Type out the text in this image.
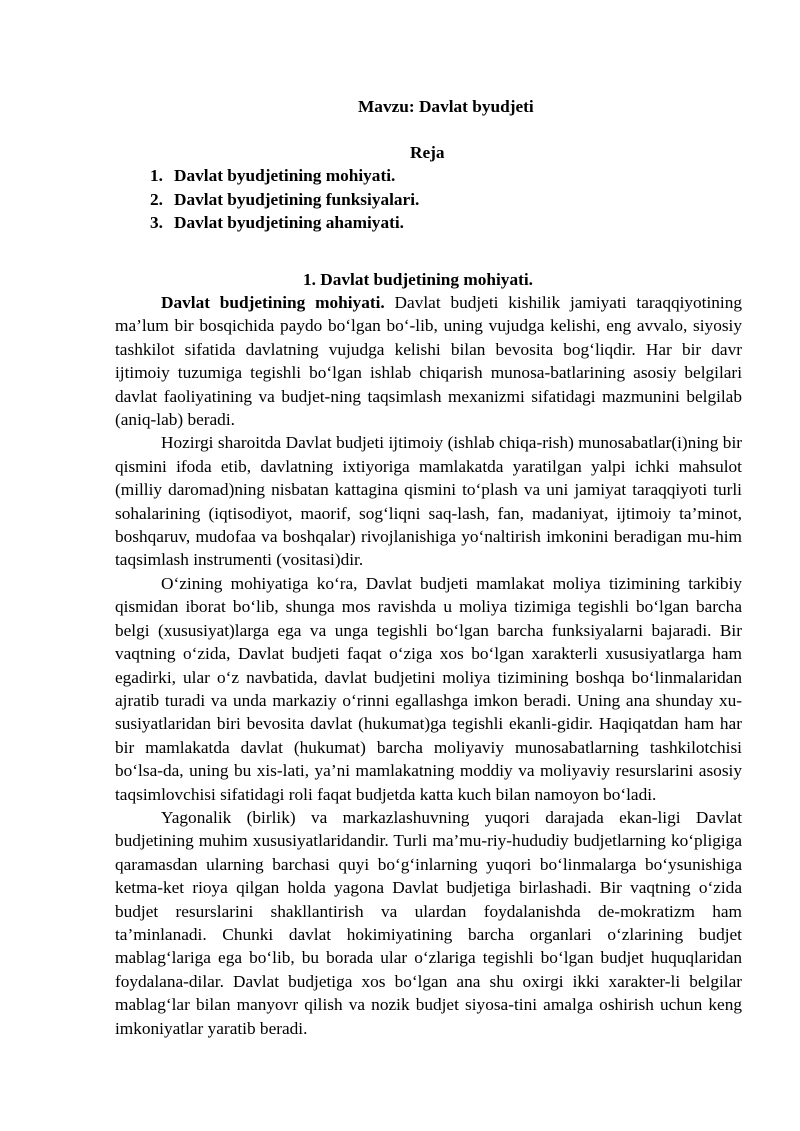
Mavzu: Davlat byudjeti
Reja
1. Davlat byudjetining mohiyati.
2. Davlat byudjetining funksiyalari.
3. Davlat byudjetining ahamiyati.
1. Davlat budjetining mohiyati.

Davlat budjetining mohiyati. Davlat budjeti kishilik jamiyati taraqqiyotining ma’lum bir bosqichida paydo bo‘lgan bo‘-lib, uning vujudga kelishi, eng avvalo, siyosiy tashkilot sifatida davlatning vujudga kelishi bilan bevosita bog‘liqdir. Har bir davr ijtimoiy tuzumiga tegishli bo‘lgan ishlab chiqarish munosa-batlarining asosiy belgilari davlat faoliyatining va budjet-ning taqsimlash mexanizmi sifatidagi mazmunini belgilab (aniq-lab) beradi.

Hozirgi sharoitda Davlat budjeti ijtimoiy (ishlab chiqa-rish) munosabatlar(i)ning bir qismini ifoda etib, davlatning ixtiyoriga mamlakatda yaratilgan yalpi ichki mahsulot (milliy daromad)ning nisbatan kattagina qismini to‘plash va uni jamiyat taraqqiyoti turli sohalarining (iqtisodiyot, maorif, sog‘liqni saq-lash, fan, madaniyat, ijtimoiy ta’minot, boshqaruv, mudofaa va boshqalar) rivojlanishiga yo‘naltirish imkonini beradigan mu-him taqsimlash instrumenti (vositasi)dir.

O‘zining mohiyatiga ko‘ra, Davlat budjeti mamlakat moliya tizimining tarkibiy qismidan iborat bo‘lib, shunga mos ravishda u moliya tizimiga tegishli bo‘lgan barcha belgi (xususiyat)larga ega va unga tegishli bo‘lgan barcha funksiyalarni bajaradi. Bir vaqtning o‘zida, Davlat budjeti faqat o‘ziga xos bo‘lgan xarakterli xususiyatlarga ham egadirki, ular o‘z navbatida, davlat budjetini moliya tizimining boshqa bo‘linmalaridan ajratib turadi va unda markaziy o‘rinni egallashga imkon beradi. Uning ana shunday xu-susiyatlaridan biri bevosita davlat (hukumat)ga tegishli ekanli-gidir. Haqiqatdan ham har bir mamlakatda davlat (hukumat) barcha moliyaviy munosabatlarning tashkilotchisi bo‘lsa-da, uning bu xis-lati, ya’ni mamlakatning moddiy va moliyaviy resurslarini asosiy taqsimlovchisi sifatidagi roli faqat budjetda katta kuch bilan namoyon bo‘ladi.

Yagonalik (birlik) va markazlashuvning yuqori darajada ekan-ligi Davlat budjetining muhim xususiyatlaridandir. Turli ma’mu-riy-hududiy budjetlarning ko‘pligiga qaramasdan ularning barchasi quyi bo‘g‘inlarning yuqori bo‘linmalarga bo‘ysunishiga ketma-ket rioya qilgan holda yagona Davlat budjetiga birlashadi. Bir vaqtning o‘zida budjet resurslarini shakllantirish va ulardan foydalanishda de-mokratizm ham ta’minlanadi. Chunki davlat hokimiyatining barcha organlari o‘zlarining budjet mablag‘lariga ega bo‘lib, bu borada ular o‘zlariga tegishli bo‘lgan budjet huquqlaridan foydalana-dilar. Davlat budjetiga xos bo‘lgan ana shu oxirgi ikki xarakter-li belgilar mablag‘lar bilan manyovr qilish va nozik budjet siyosa-tini amalga oshirish uchun keng imkoniyatlar yaratib beradi.
